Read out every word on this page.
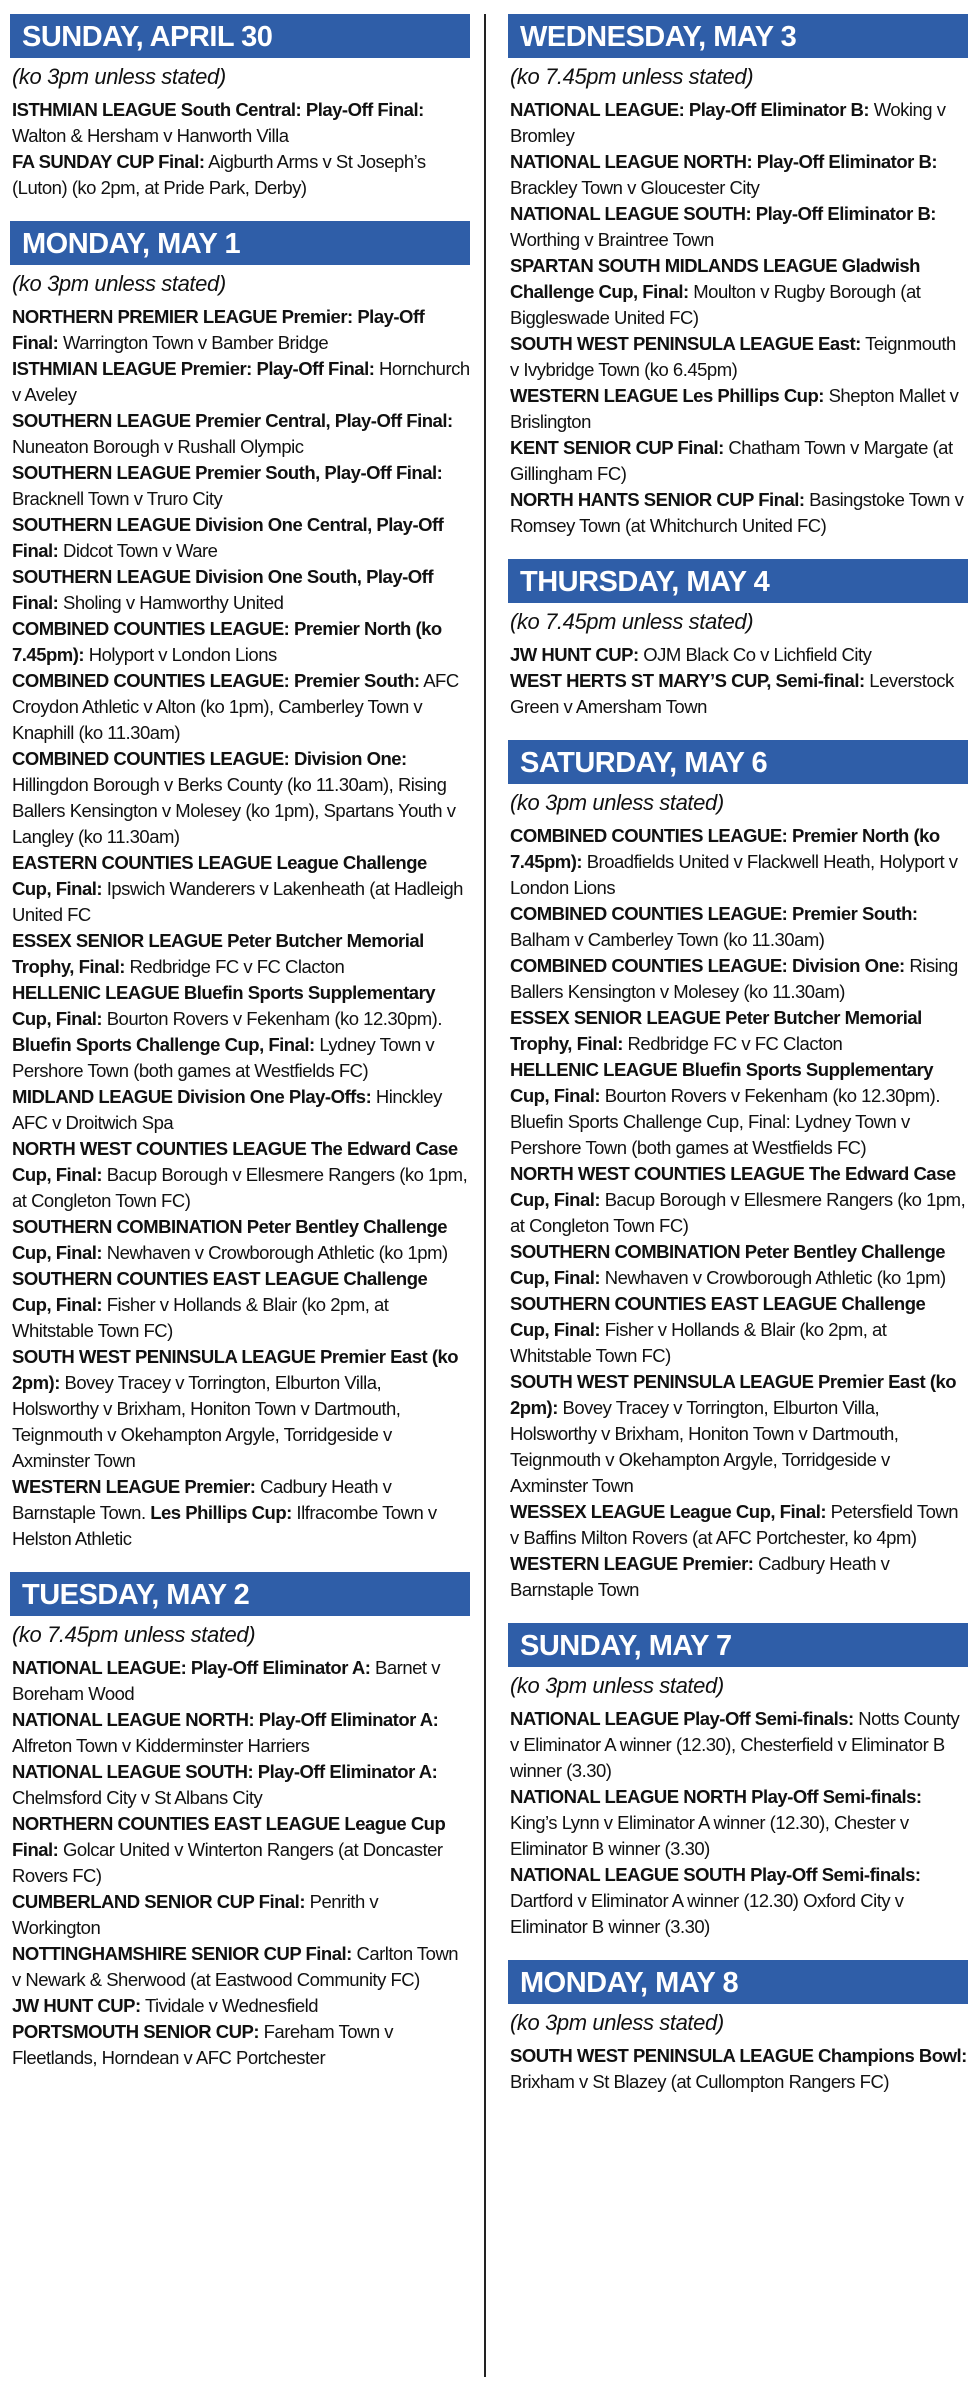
SUNDAY, APRIL 30
(ko 3pm unless stated)
ISTHMIAN LEAGUE South Central: Play-Off Final: Walton & Hersham v Hanworth Villa
FA SUNDAY CUP Final: Aigburth Arms v St Joseph’s (Luton) (ko 2pm, at Pride Park, Derby)
MONDAY, MAY 1
(ko 3pm unless stated)
NORTHERN PREMIER LEAGUE Premier: Play-Off Final: Warrington Town v Bamber Bridge
ISTHMIAN LEAGUE Premier: Play-Off Final: Hornchurch v Aveley
SOUTHERN LEAGUE Premier Central, Play-Off Final: Nuneaton Borough v Rushall Olympic
SOUTHERN LEAGUE Premier South, Play-Off Final: Bracknell Town v Truro City
SOUTHERN LEAGUE Division One Central, Play-Off Final: Didcot Town v Ware
SOUTHERN LEAGUE Division One South, Play-Off Final: Sholing v Hamworthy United
COMBINED COUNTIES LEAGUE: Premier North (ko 7.45pm): Holyport v London Lions
COMBINED COUNTIES LEAGUE: Premier South: AFC Croydon Athletic v Alton (ko 1pm), Camberley Town v Knaphill (ko 11.30am)
COMBINED COUNTIES LEAGUE: Division One: Hillingdon Borough v Berks County (ko 11.30am), Rising Ballers Kensington v Molesey (ko 1pm), Spartans Youth v Langley (ko 11.30am)
EASTERN COUNTIES LEAGUE League Challenge Cup, Final: Ipswich Wanderers v Lakenheath (at Hadleigh United FC
ESSEX SENIOR LEAGUE Peter Butcher Memorial Trophy, Final: Redbridge FC v FC Clacton
HELLENIC LEAGUE Bluefin Sports Supplementary Cup, Final: Bourton Rovers v Fekenham (ko 12.30pm). Bluefin Sports Challenge Cup, Final: Lydney Town v Pershore Town (both games at Westfields FC)
MIDLAND LEAGUE Division One Play-Offs: Hinckley AFC v Droitwich Spa
NORTH WEST COUNTIES LEAGUE The Edward Case Cup, Final: Bacup Borough v Ellesmere Rangers (ko 1pm, at Congleton Town FC)
SOUTHERN COMBINATION Peter Bentley Challenge Cup, Final: Newhaven v Crowborough Athletic (ko 1pm)
SOUTHERN COUNTIES EAST LEAGUE Challenge Cup, Final: Fisher v Hollands & Blair (ko 2pm, at Whitstable Town FC)
SOUTH WEST PENINSULA LEAGUE Premier East (ko 2pm): Bovey Tracey v Torrington, Elburton Villa, Holsworthy v Brixham, Honiton Town v Dartmouth, Teignmouth v Okehampton Argyle, Torridgeside v Axminster Town
WESTERN LEAGUE Premier: Cadbury Heath v Barnstaple Town. Les Phillips Cup: Ilfracombe Town v Helston Athletic
TUESDAY, MAY 2
(ko 7.45pm unless stated)
NATIONAL LEAGUE: Play-Off Eliminator A: Barnet v Boreham Wood
NATIONAL LEAGUE NORTH: Play-Off Eliminator A: Alfreton Town v Kidderminster Harriers
NATIONAL LEAGUE SOUTH: Play-Off Eliminator A: Chelmsford City v St Albans City
NORTHERN COUNTIES EAST LEAGUE League Cup Final: Golcar United v Winterton Rangers (at Doncaster Rovers FC)
CUMBERLAND SENIOR CUP Final: Penrith v Workington
NOTTINGHAMSHIRE SENIOR CUP Final: Carlton Town v Newark & Sherwood (at Eastwood Community FC)
JW HUNT CUP: Tividale v Wednesfield
PORTSMOUTH SENIOR CUP: Fareham Town v Fleetlands, Horndean v AFC Portchester
WEDNESDAY, MAY 3
(ko 7.45pm unless stated)
NATIONAL LEAGUE: Play-Off Eliminator B: Woking v Bromley
NATIONAL LEAGUE NORTH: Play-Off Eliminator B: Brackley Town v Gloucester City
NATIONAL LEAGUE SOUTH: Play-Off Eliminator B: Worthing v Braintree Town
SPARTAN SOUTH MIDLANDS LEAGUE Gladwish Challenge Cup, Final: Moulton v Rugby Borough (at Biggleswade United FC)
SOUTH WEST PENINSULA LEAGUE East: Teignmouth v Ivybridge Town (ko 6.45pm)
WESTERN LEAGUE Les Phillips Cup: Shepton Mallet v Brislington
KENT SENIOR CUP Final: Chatham Town v Margate (at Gillingham FC)
NORTH HANTS SENIOR CUP Final: Basingstoke Town v Romsey Town (at Whitchurch United FC)
THURSDAY, MAY 4
(ko 7.45pm unless stated)
JW HUNT CUP: OJM Black Co v Lichfield City
WEST HERTS ST MARY’S CUP, Semi-final: Leverstock Green v Amersham Town
SATURDAY, MAY 6
(ko 3pm unless stated)
COMBINED COUNTIES LEAGUE: Premier North (ko 7.45pm): Broadfields United v Flackwell Heath, Holyport v London Lions
COMBINED COUNTIES LEAGUE: Premier South: Balham v Camberley Town (ko 11.30am)
COMBINED COUNTIES LEAGUE: Division One: Rising Ballers Kensington v Molesey (ko 11.30am)
ESSEX SENIOR LEAGUE Peter Butcher Memorial Trophy, Final: Redbridge FC v FC Clacton
HELLENIC LEAGUE Bluefin Sports Supplementary Cup, Final: Bourton Rovers v Fekenham (ko 12.30pm). Bluefin Sports Challenge Cup, Final: Lydney Town v Pershore Town (both games at Westfields FC)
NORTH WEST COUNTIES LEAGUE The Edward Case Cup, Final: Bacup Borough v Ellesmere Rangers (ko 1pm, at Congleton Town FC)
SOUTHERN COMBINATION Peter Bentley Challenge Cup, Final: Newhaven v Crowborough Athletic (ko 1pm)
SOUTHERN COUNTIES EAST LEAGUE Challenge Cup, Final: Fisher v Hollands & Blair (ko 2pm, at Whitstable Town FC)
SOUTH WEST PENINSULA LEAGUE Premier East (ko 2pm): Bovey Tracey v Torrington, Elburton Villa, Holsworthy v Brixham, Honiton Town v Dartmouth, Teignmouth v Okehampton Argyle, Torridgeside v Axminster Town
WESSEX LEAGUE League Cup, Final: Petersfield Town v Baffins Milton Rovers (at AFC Portchester, ko 4pm)
WESTERN LEAGUE Premier: Cadbury Heath v Barnstaple Town
SUNDAY, MAY 7
(ko 3pm unless stated)
NATIONAL LEAGUE Play-Off Semi-finals: Notts County v Eliminator A winner (12.30), Chesterfield v Eliminator B winner (3.30)
NATIONAL LEAGUE NORTH Play-Off Semi-finals: King’s Lynn v Eliminator A winner (12.30), Chester v Eliminator B winner (3.30)
NATIONAL LEAGUE SOUTH Play-Off Semi-finals: Dartford v Eliminator A winner (12.30) Oxford City v Eliminator B winner (3.30)
MONDAY, MAY 8
(ko 3pm unless stated)
SOUTH WEST PENINSULA LEAGUE Champions Bowl: Brixham v St Blazey (at Cullompton Rangers FC)
